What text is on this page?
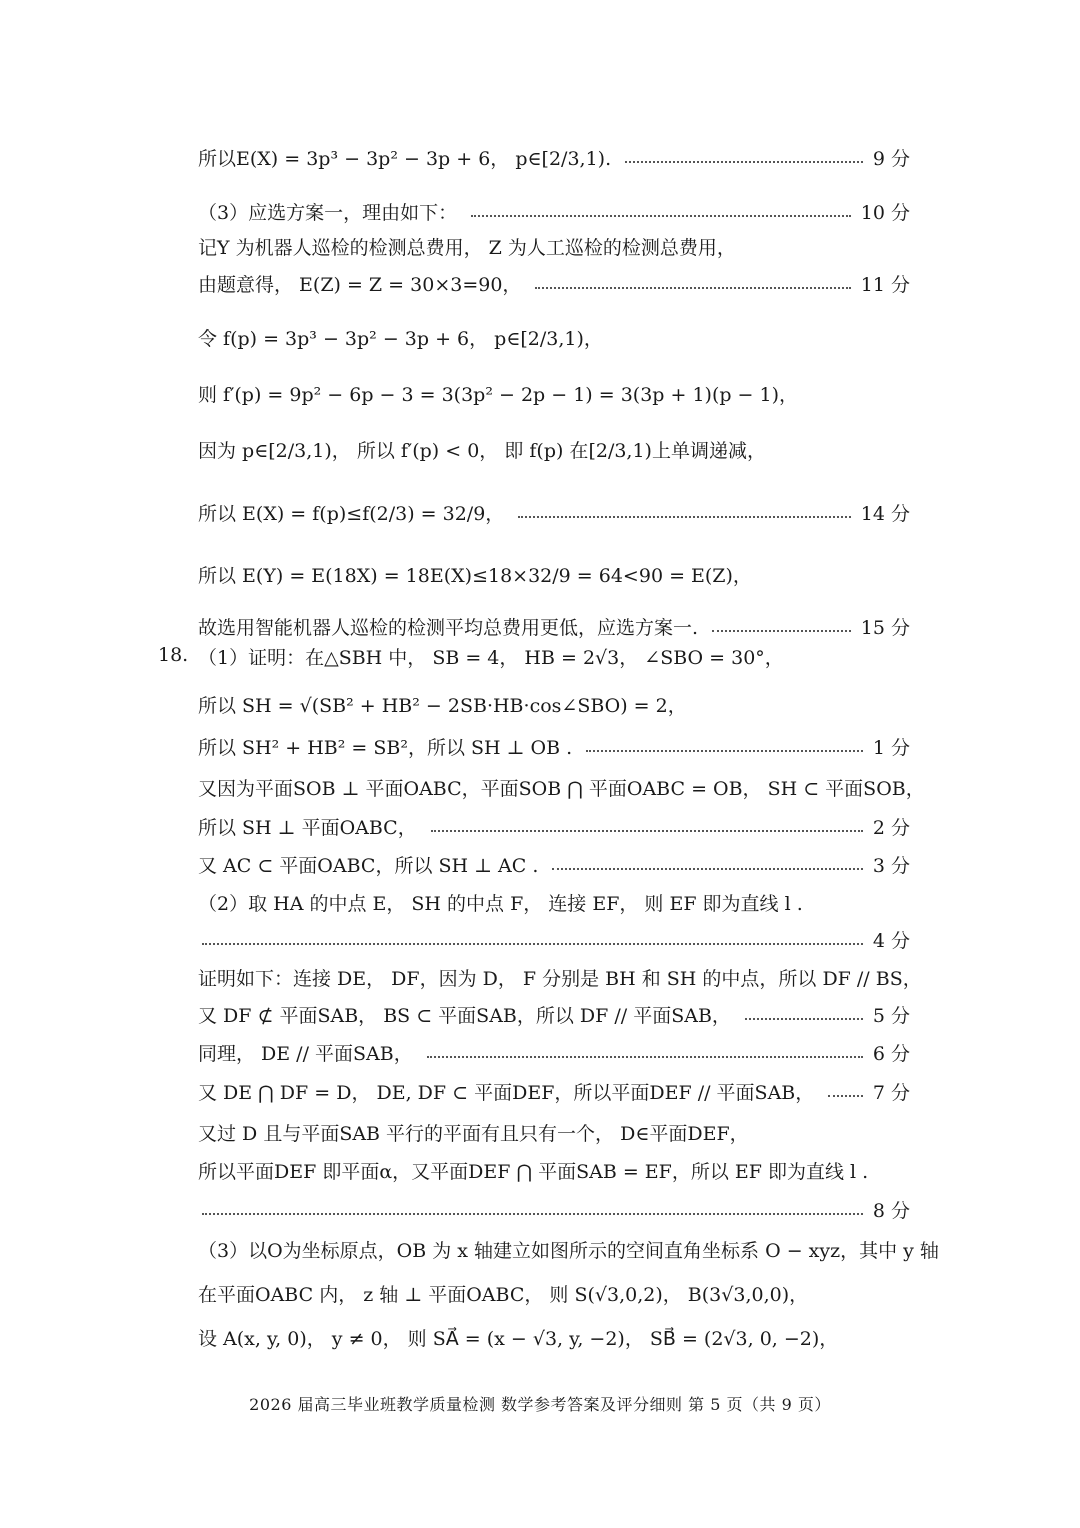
所以E(X) = 3p³ − 3p² − 3p + 6， p∈[2/3,1).	9 分
（3）应选方案一，理由如下：	10 分
记Y 为机器人巡检的检测总费用， Z 为人工巡检的检测总费用，
由题意得， E(Z) = Z = 30×3=90，	11 分
令 f(p) = 3p³ − 3p² − 3p + 6， p∈[2/3,1)，
则 f′(p) = 9p² − 6p − 3 = 3(3p² − 2p − 1) = 3(3p + 1)(p − 1)，
因为 p∈[2/3,1)， 所以 f′(p) < 0， 即 f(p) 在[2/3,1)上单调递减，
所以 E(X) = f(p)≤f(2/3) = 32/9，	14 分
所以 E(Y) = E(18X) = 18E(X)≤18×32/9 = 64<90 = E(Z)，
故选用智能机器人巡检的检测平均总费用更低，应选方案一.	15 分
（1）证明：在△SBH 中， SB = 4， HB = 2√3， ∠SBO = 30°，
所以 SH = √(SB² + HB² − 2SB·HB·cos∠SBO) = 2，
所以 SH² + HB² = SB²，所以 SH ⊥ OB .	1 分
又因为平面SOB ⊥ 平面OABC，平面SOB ⋂ 平面OABC = OB， SH ⊂ 平面SOB，
所以 SH ⊥ 平面OABC，	2 分
又 AC ⊂ 平面OABC，所以 SH ⊥ AC .	3 分
（2）取 HA 的中点 E， SH 的中点 F， 连接 EF， 则 EF 即为直线 l .
4 分
证明如下：连接 DE， DF，因为 D， F 分别是 BH 和 SH 的中点，所以 DF // BS，
又 DF ⊄ 平面SAB， BS ⊂ 平面SAB，所以 DF // 平面SAB，	5 分
同理， DE // 平面SAB，	6 分
又 DE ⋂ DF = D， DE, DF ⊂ 平面DEF，所以平面DEF // 平面SAB，	7 分
又过 D 且与平面SAB 平行的平面有且只有一个， D∈平面DEF，
所以平面DEF 即平面α，又平面DEF ⋂ 平面SAB = EF，所以 EF 即为直线 l .
8 分
（3）以O为坐标原点，OB 为 x 轴建立如图所示的空间直角坐标系 O − xyz，其中 y 轴
在平面OABC 内， z 轴 ⊥ 平面OABC， 则 S(√3,0,2)， B(3√3,0,0)，
设 A(x, y, 0)， y ≠ 0， 则 SA⃗ = (x − √3, y, −2)， SB⃗ = (2√3, 0, −2)，
18.
2026 届高三毕业班教学质量检测 数学参考答案及评分细则 第 5 页（共 9 页）
